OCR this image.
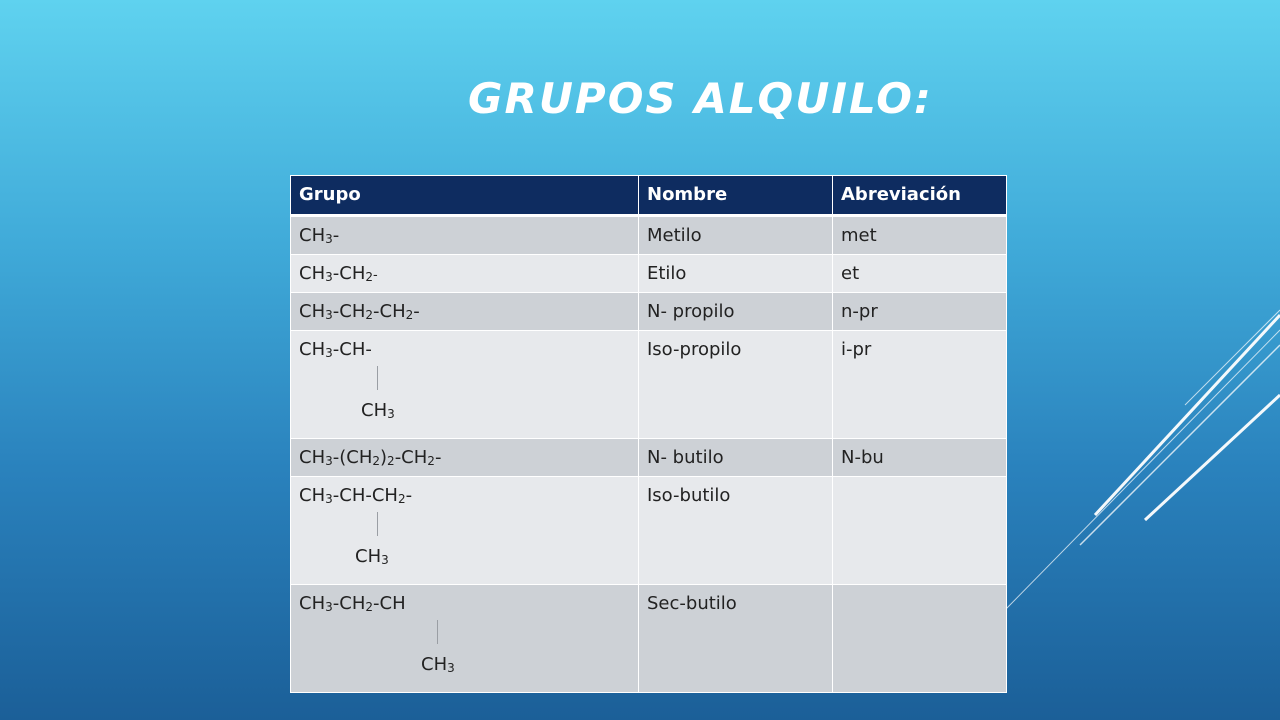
GRUPOS ALQUILO:
Grupo	Nombre	Abreviación

$CH_3-$	Metilo	met

$CH_3-CH_2-$	Etilo	et

$CH_3-CH_2-CH_2-$	N- propilo	n-pr

$CH_3-CH-$
$CH_3$	Iso-propilo	i-pr

$CH_3-(CH_2)_2-CH_2-$	N- butilo	N-bu

$CH_3-CH-CH_2-$
$CH_3$	Iso-butilo	

$CH_3-CH_2-CH$
$CH_3$	Sec-butilo	
